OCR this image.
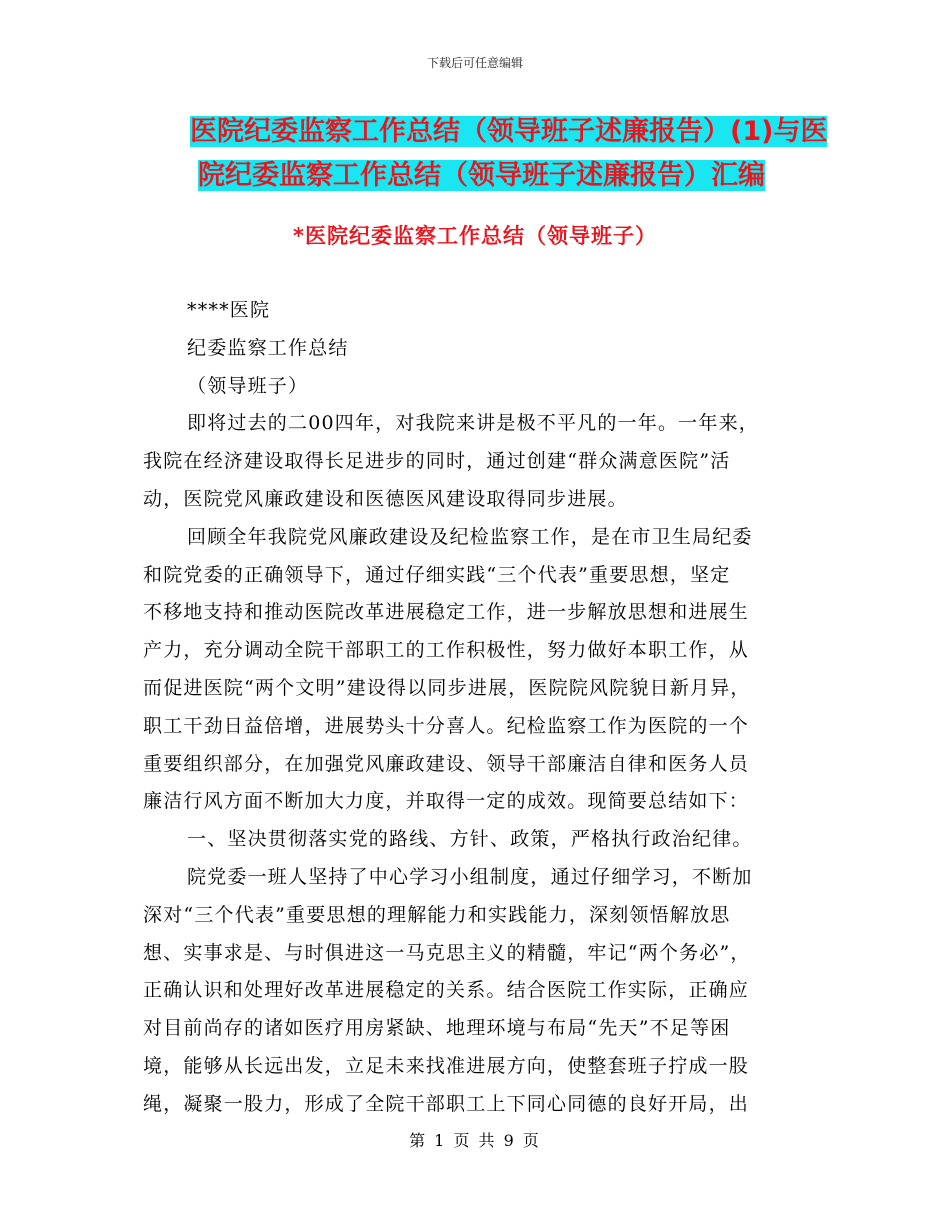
下载后可任意编辑
医院纪委监察工作总结（领导班子述廉报告）(1)与医
院纪委监察工作总结（领导班子述廉报告）汇编
*医院纪委监察工作总结（领导班子）
****医院
纪委监察工作总结
（领导班子）
即将过去的二00四年，对我院来讲是极不平凡的一年。一年来，
我院在经济建设取得长足进步的同时，通过创建“群众满意医院”活
动，医院党风廉政建设和医德医风建设取得同步进展。
回顾全年我院党风廉政建设及纪检监察工作，是在市卫生局纪委
和院党委的正确领导下，通过仔细实践“三个代表”重要思想，坚定
不移地支持和推动医院改革进展稳定工作，进一步解放思想和进展生
产力，充分调动全院干部职工的工作积极性，努力做好本职工作，从
而促进医院“两个文明”建设得以同步进展，医院院风院貌日新月异，
职工干劲日益倍增，进展势头十分喜人。纪检监察工作为医院的一个
重要组织部分，在加强党风廉政建设、领导干部廉洁自律和医务人员
廉洁行风方面不断加大力度，并取得一定的成效。现简要总结如下：
一、坚决贯彻落实党的路线、方针、政策，严格执行政治纪律。
院党委一班人坚持了中心学习小组制度，通过仔细学习，不断加
深对“三个代表”重要思想的理解能力和实践能力，深刻领悟解放思
想、实事求是、与时俱进这一马克思主义的精髓，牢记“两个务必”，
正确认识和处理好改革进展稳定的关系。结合医院工作实际，正确应
对目前尚存的诸如医疗用房紧缺、地理环境与布局“先天”不足等困
境，能够从长远出发，立足未来找准进展方向，使整套班子拧成一股
绳，凝聚一股力，形成了全院干部职工上下同心同德的良好开局，出
第 1 页 共 9 页
